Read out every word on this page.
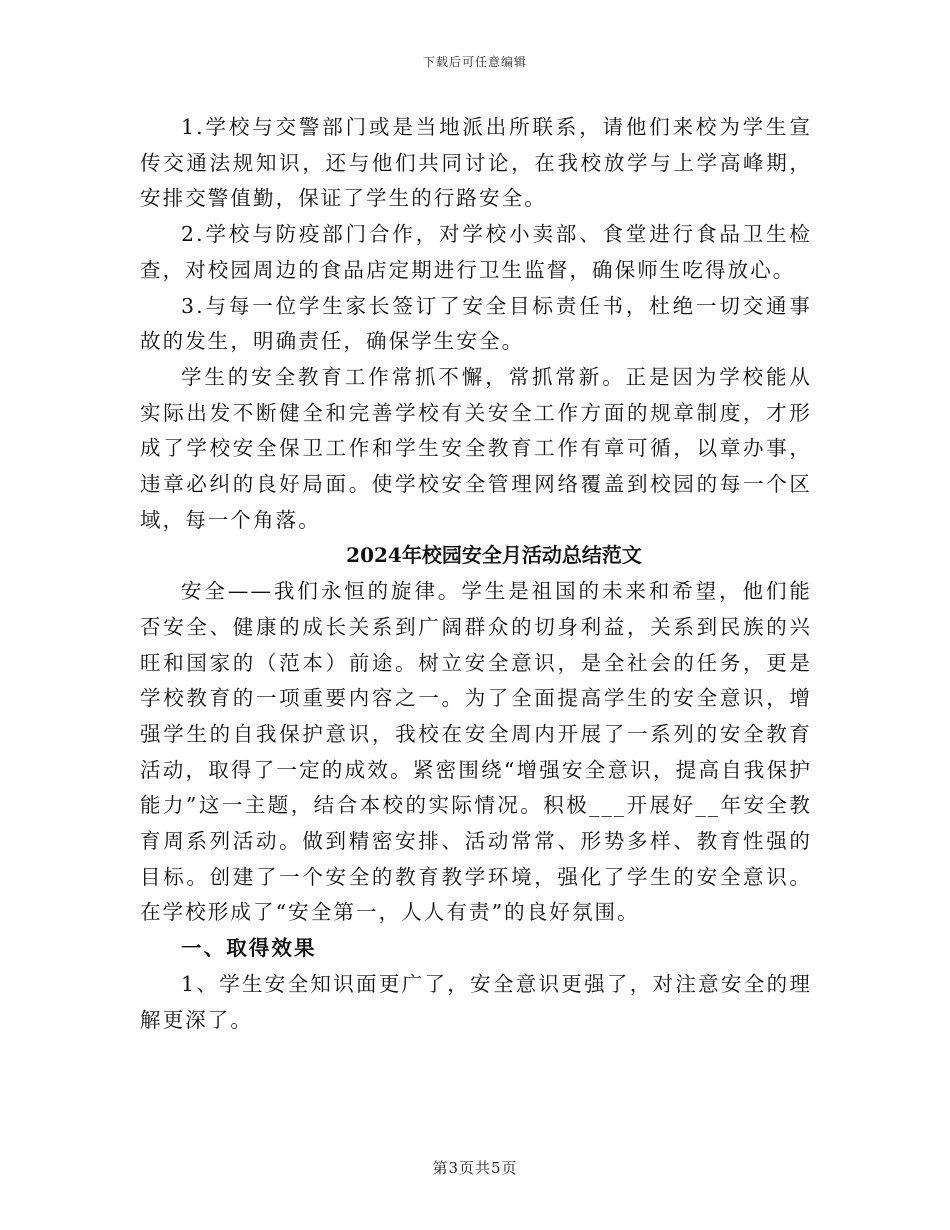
下载后可任意编辑

1.学校与交警部门或是当地派出所联系，请他们来校为学生宣传交通法规知识，还与他们共同讨论，在我校放学与上学高峰期，安排交警值勤，保证了学生的行路安全。

2.学校与防疫部门合作，对学校小卖部、食堂进行食品卫生检查，对校园周边的食品店定期进行卫生监督，确保师生吃得放心。

3.与每一位学生家长签订了安全目标责任书，杜绝一切交通事故的发生，明确责任，确保学生安全。

学生的安全教育工作常抓不懈，常抓常新。正是因为学校能从实际出发不断健全和完善学校有关安全工作方面的规章制度，才形成了学校安全保卫工作和学生安全教育工作有章可循，以章办事，违章必纠的良好局面。使学校安全管理网络覆盖到校园的每一个区域，每一个角落。

2024年校园安全月活动总结范文

安全——我们永恒的旋律。学生是祖国的未来和希望，他们能否安全、健康的成长关系到广阔群众的切身利益，关系到民族的兴旺和国家的（范本）前途。树立安全意识，是全社会的任务，更是学校教育的一项重要内容之一。为了全面提高学生的安全意识，增强学生的自我保护意识，我校在安全周内开展了一系列的安全教育活动，取得了一定的成效。紧密围绕“增强安全意识，提高自我保护能力”这一主题，结合本校的实际情况。积极___开展好__年安全教育周系列活动。做到精密安排、活动常常、形势多样、教育性强的目标。创建了一个安全的教育教学环境，强化了学生的安全意识。在学校形成了“安全第一，人人有责”的良好氛围。

一、取得效果

1、学生安全知识面更广了，安全意识更强了，对注意安全的理解更深了。

第3页共5页
